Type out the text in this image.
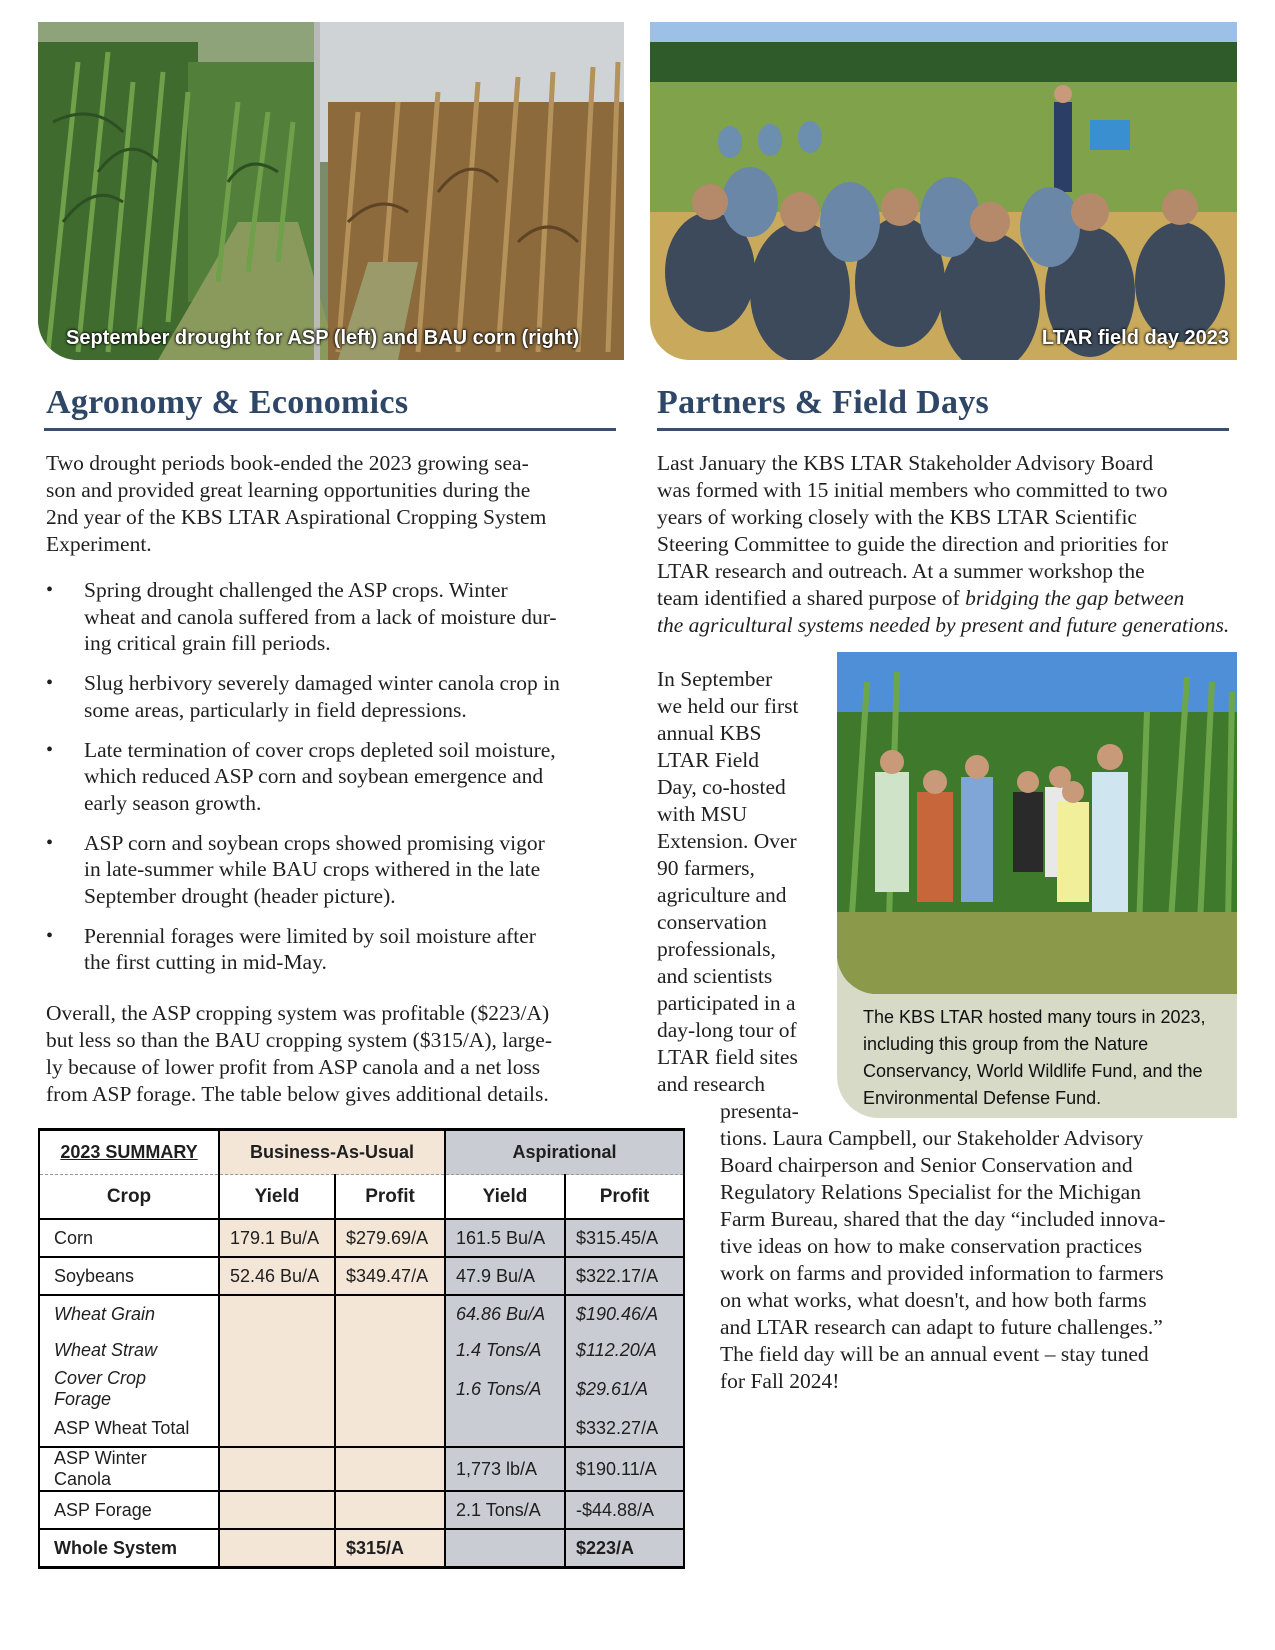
September drought for ASP (left) and BAU corn (right)	LTAR field day 2023
Agronomy & Economics
Two drought periods book-ended the 2023 growing sea-
son and provided great learning opportunities during the
2nd year of the KBS LTAR Aspirational Cropping System
Experiment.
• Spring drought challenged the ASP crops. Winter
wheat and canola suffered from a lack of moisture dur-
ing critical grain fill periods.
• Slug herbivory severely damaged winter canola crop in
some areas, particularly in field depressions.
• Late termination of cover crops depleted soil moisture,
which reduced ASP corn and soybean emergence and
early season growth.
• ASP corn and soybean crops showed promising vigor
in late-summer while BAU crops withered in the late
September drought (header picture).
• Perennial forages were limited by soil moisture after
the first cutting in mid-May.
Overall, the ASP cropping system was profitable ($223/A)
but less so than the BAU cropping system ($315/A), large-
ly because of lower profit from ASP canola and a net loss
from ASP forage. The table below gives additional details.
2023 SUMMARY	Business-As-Usual		Aspirational	
Crop	Yield	Profit	Yield	Profit
Corn	179.1 Bu/A	$279.69/A	161.5 Bu/A	$315.45/A
Soybeans	52.46 Bu/A	$349.47/A	47.9 Bu/A	$322.17/A
Wheat Grain			64.86 Bu/A	$190.46/A
Wheat Straw			1.4 Tons/A	$112.20/A
Cover Crop Forage			1.6 Tons/A	$29.61/A
ASP Wheat Total				$332.27/A
ASP Winter Canola			1,773 lb/A	$190.11/A
ASP Forage			2.1 Tons/A	-$44.88/A
Whole System		$315/A		$223/A
Partners & Field Days
Last January the KBS LTAR Stakeholder Advisory Board
was formed with 15 initial members who committed to two
years of working closely with the KBS LTAR Scientific
Steering Committee to guide the direction and priorities for
LTAR research and outreach. At a summer workshop the
team identified a shared purpose of bridging the gap between
the agricultural systems needed by present and future generations.
In September
we held our first
annual KBS
LTAR Field
Day, co-hosted
with MSU
Extension. Over
90 farmers,
agriculture and
conservation
professionals,
and scientists
participated in a
day-long tour of
LTAR field sites
and research
presenta-
tions. Laura Campbell, our Stakeholder Advisory
Board chairperson and Senior Conservation and
Regulatory Relations Specialist for the Michigan
Farm Bureau, shared that the day “included innova-
tive ideas on how to make conservation practices
work on farms and provided information to farmers
on what works, what doesn't, and how both farms
and LTAR research can adapt to future challenges.”
The field day will be an annual event – stay tuned
for Fall 2024!

The KBS LTAR hosted many tours in 2023, including this group from the Nature Conservancy, World Wildlife Fund, and the Environmental Defense Fund.
